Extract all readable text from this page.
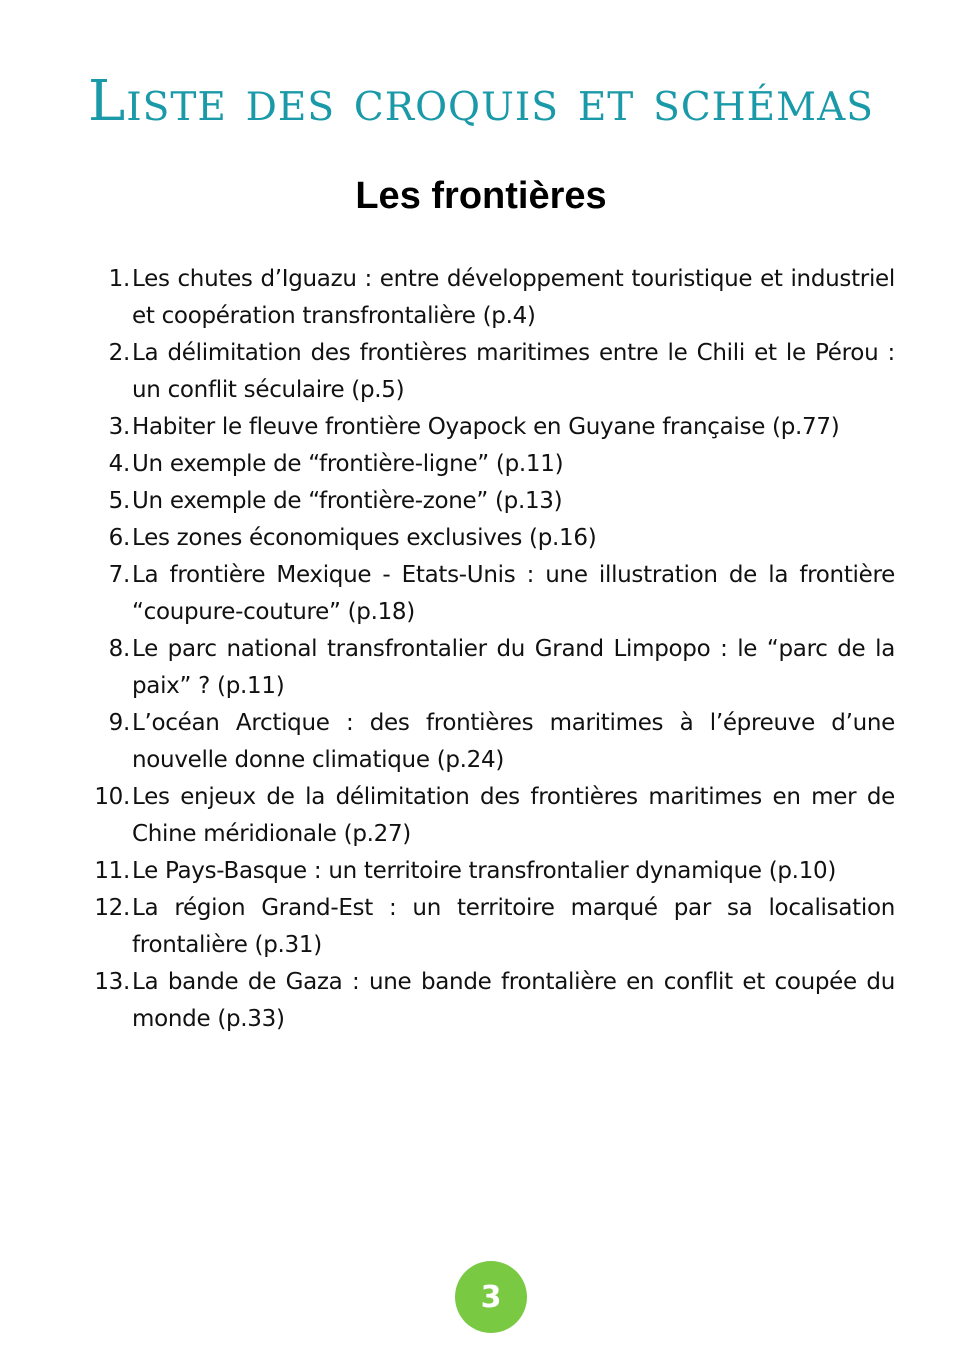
Liste des croquis et schémas
Les frontières
1. Les chutes d’Iguazu : entre développement touristique et industriel et coopération transfrontalière (p.4)
2. La délimitation des frontières maritimes entre le Chili et le Pérou : un conflit séculaire (p.5)
3. Habiter le fleuve frontière Oyapock en Guyane française (p.77)
4. Un exemple de “frontière-ligne” (p.11)
5. Un exemple de “frontière-zone” (p.13)
6. Les zones économiques exclusives (p.16)
7. La frontière Mexique - Etats-Unis : une illustration de la frontière “coupure-couture” (p.18)
8. Le parc national transfrontalier du Grand Limpopo : le “parc de la paix” ? (p.11)
9. L’océan Arctique : des frontières maritimes à l’épreuve d’une nouvelle donne climatique (p.24)
10. Les enjeux de la délimitation des frontières maritimes en mer de Chine méridionale (p.27)
11. Le Pays-Basque : un territoire transfrontalier dynamique (p.10)
12. La région Grand-Est : un territoire marqué par sa localisation frontalière (p.31)
13. La bande de Gaza : une bande frontalière en conflit et coupée du monde (p.33)
3
